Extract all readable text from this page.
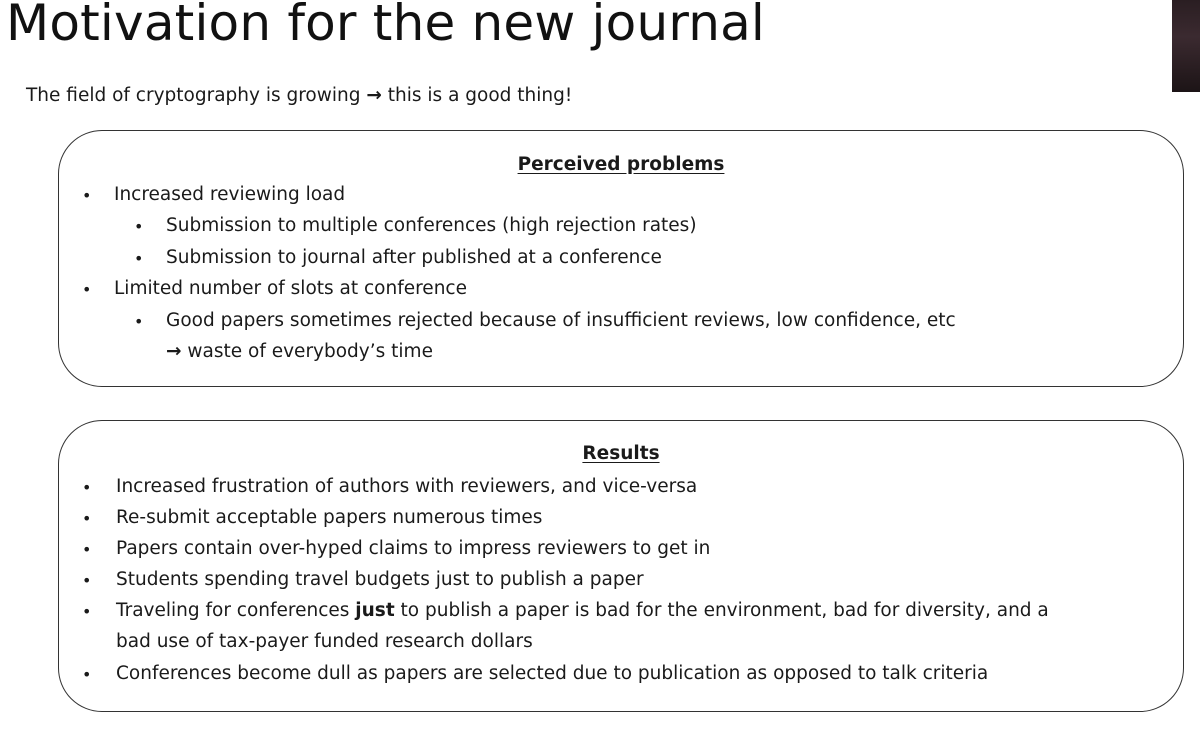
Motivation for the new journal
The field of cryptography is growing → this is a good thing!
Perceived problems
• Increased reviewing load
• Submission to multiple conferences (high rejection rates)
• Submission to journal after published at a conference
• Limited number of slots at conference
• Good papers sometimes rejected because of insufficient reviews, low confidence, etc
→ waste of everybody’s time
Results
• Increased frustration of authors with reviewers, and vice-versa
• Re-submit acceptable papers numerous times
• Papers contain over-hyped claims to impress reviewers to get in
• Students spending travel budgets just to publish a paper
• Traveling for conferences just to publish a paper is bad for the environment, bad for diversity, and a
bad use of tax-payer funded research dollars
• Conferences become dull as papers are selected due to publication as opposed to talk criteria
